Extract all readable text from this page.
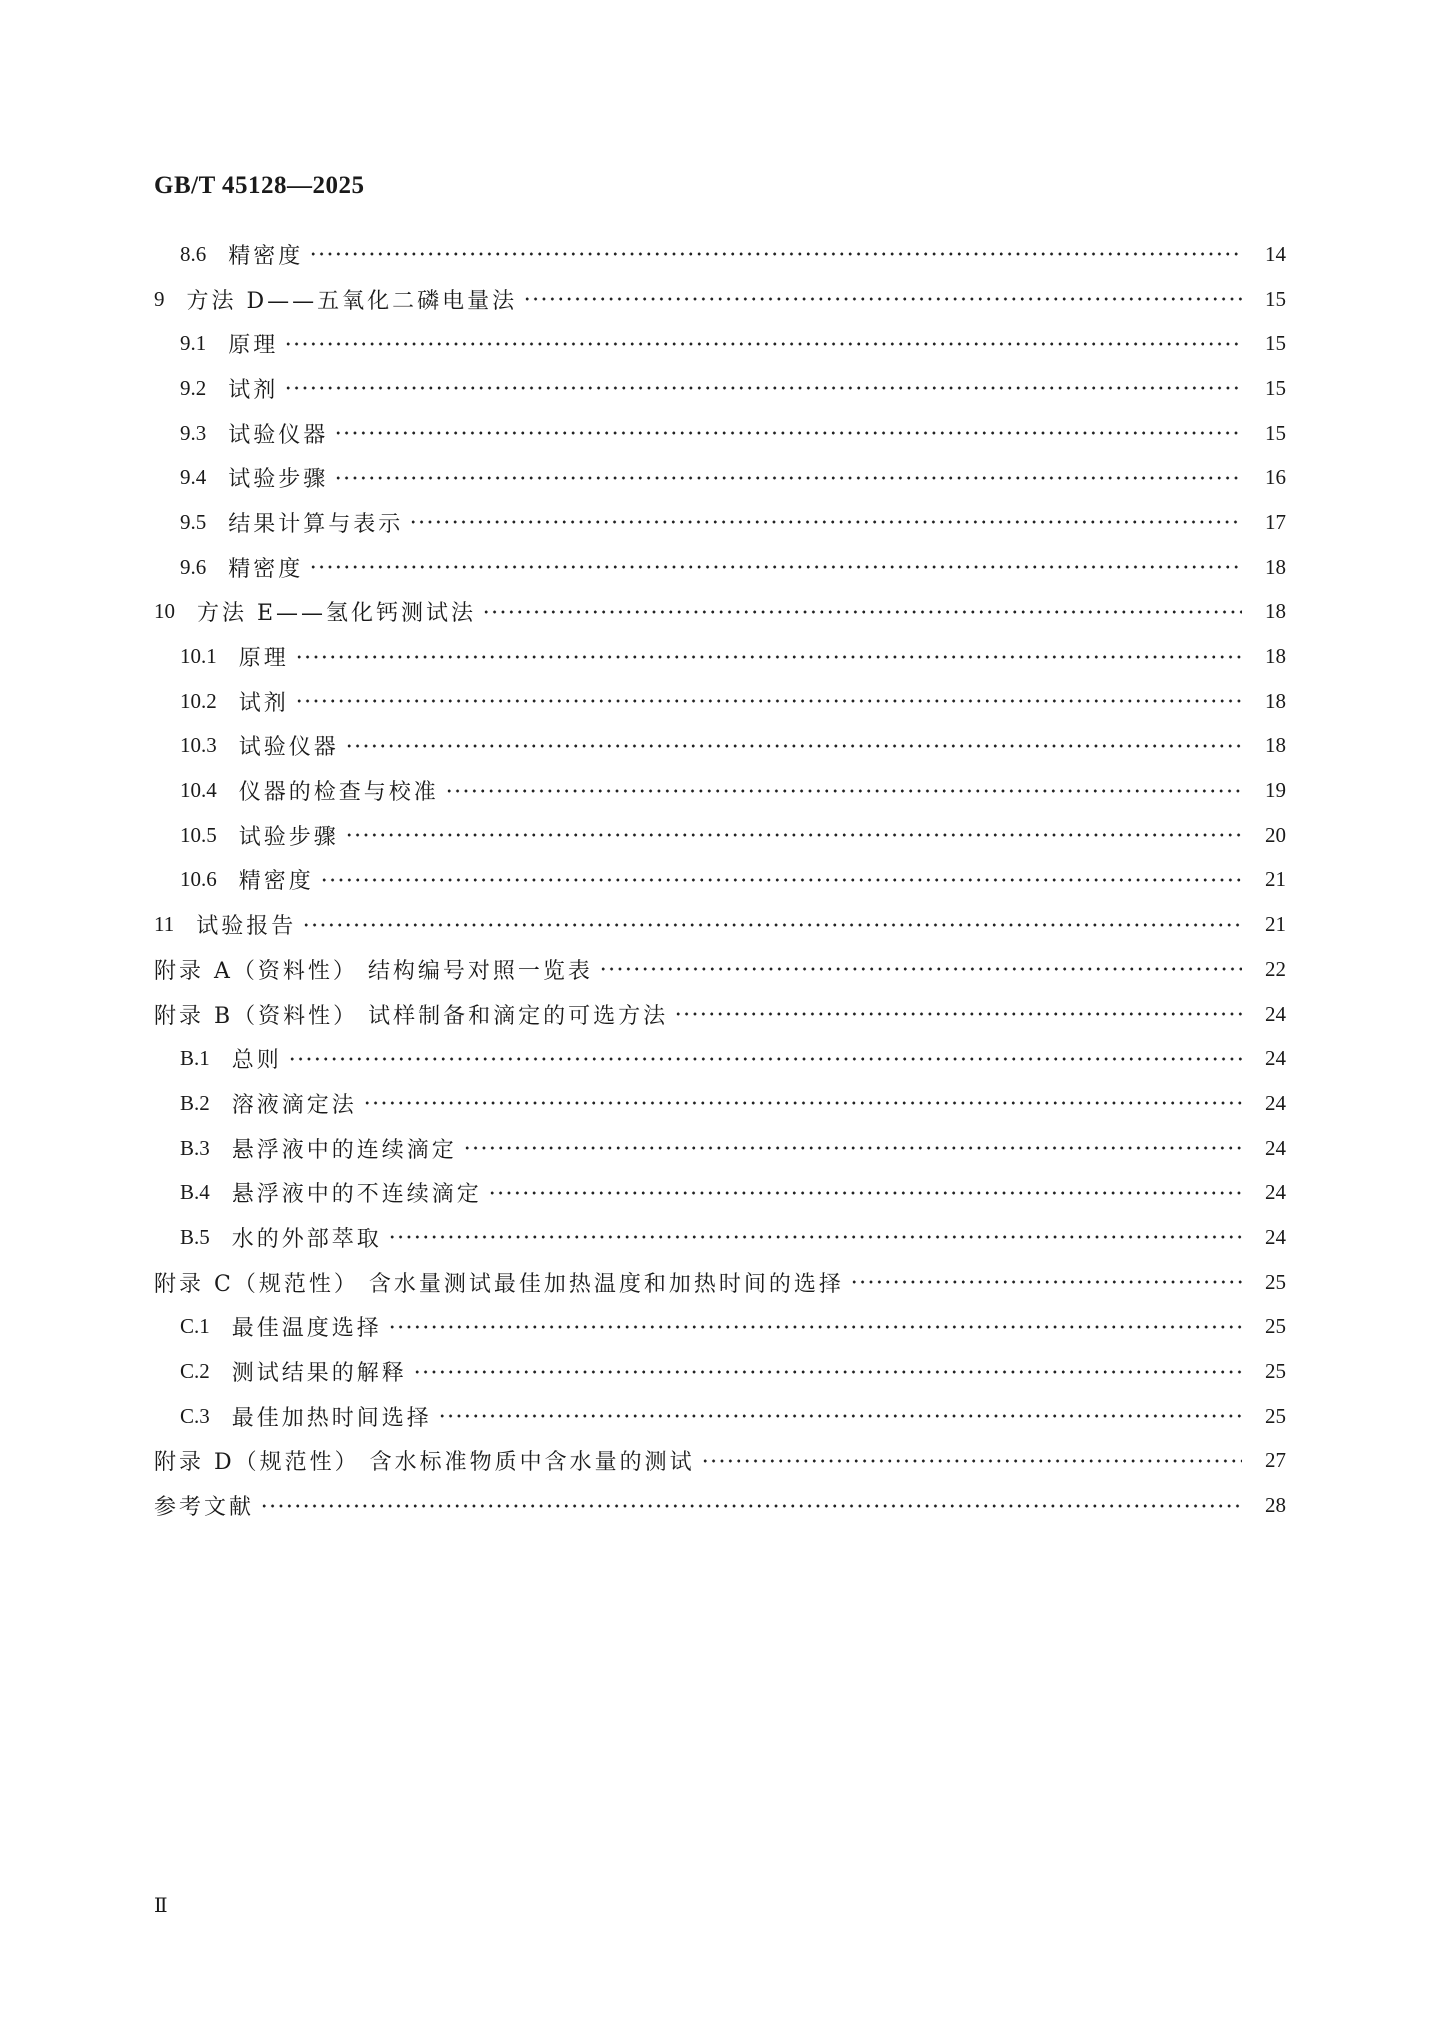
GB/T 45128—2025
8.6 精密度	14
9 方法 D——五氧化二磷电量法	15
9.1 原理	15
9.2 试剂	15
9.3 试验仪器	15
9.4 试验步骤	16
9.5 结果计算与表示	17
9.6 精密度	18
10 方法 E——氢化钙测试法	18
10.1 原理	18
10.2 试剂	18
10.3 试验仪器	18
10.4 仪器的检查与校准	19
10.5 试验步骤	20
10.6 精密度	21
11 试验报告	21
附录 A（资料性） 结构编号对照一览表	22
附录 B（资料性） 试样制备和滴定的可选方法	24
B.1 总则	24
B.2 溶液滴定法	24
B.3 悬浮液中的连续滴定	24
B.4 悬浮液中的不连续滴定	24
B.5 水的外部萃取	24
附录 C（规范性） 含水量测试最佳加热温度和加热时间的选择	25
C.1 最佳温度选择	25
C.2 测试结果的解释	25
C.3 最佳加热时间选择	25
附录 D（规范性） 含水标准物质中含水量的测试	27
参考文献	28
Ⅱ
